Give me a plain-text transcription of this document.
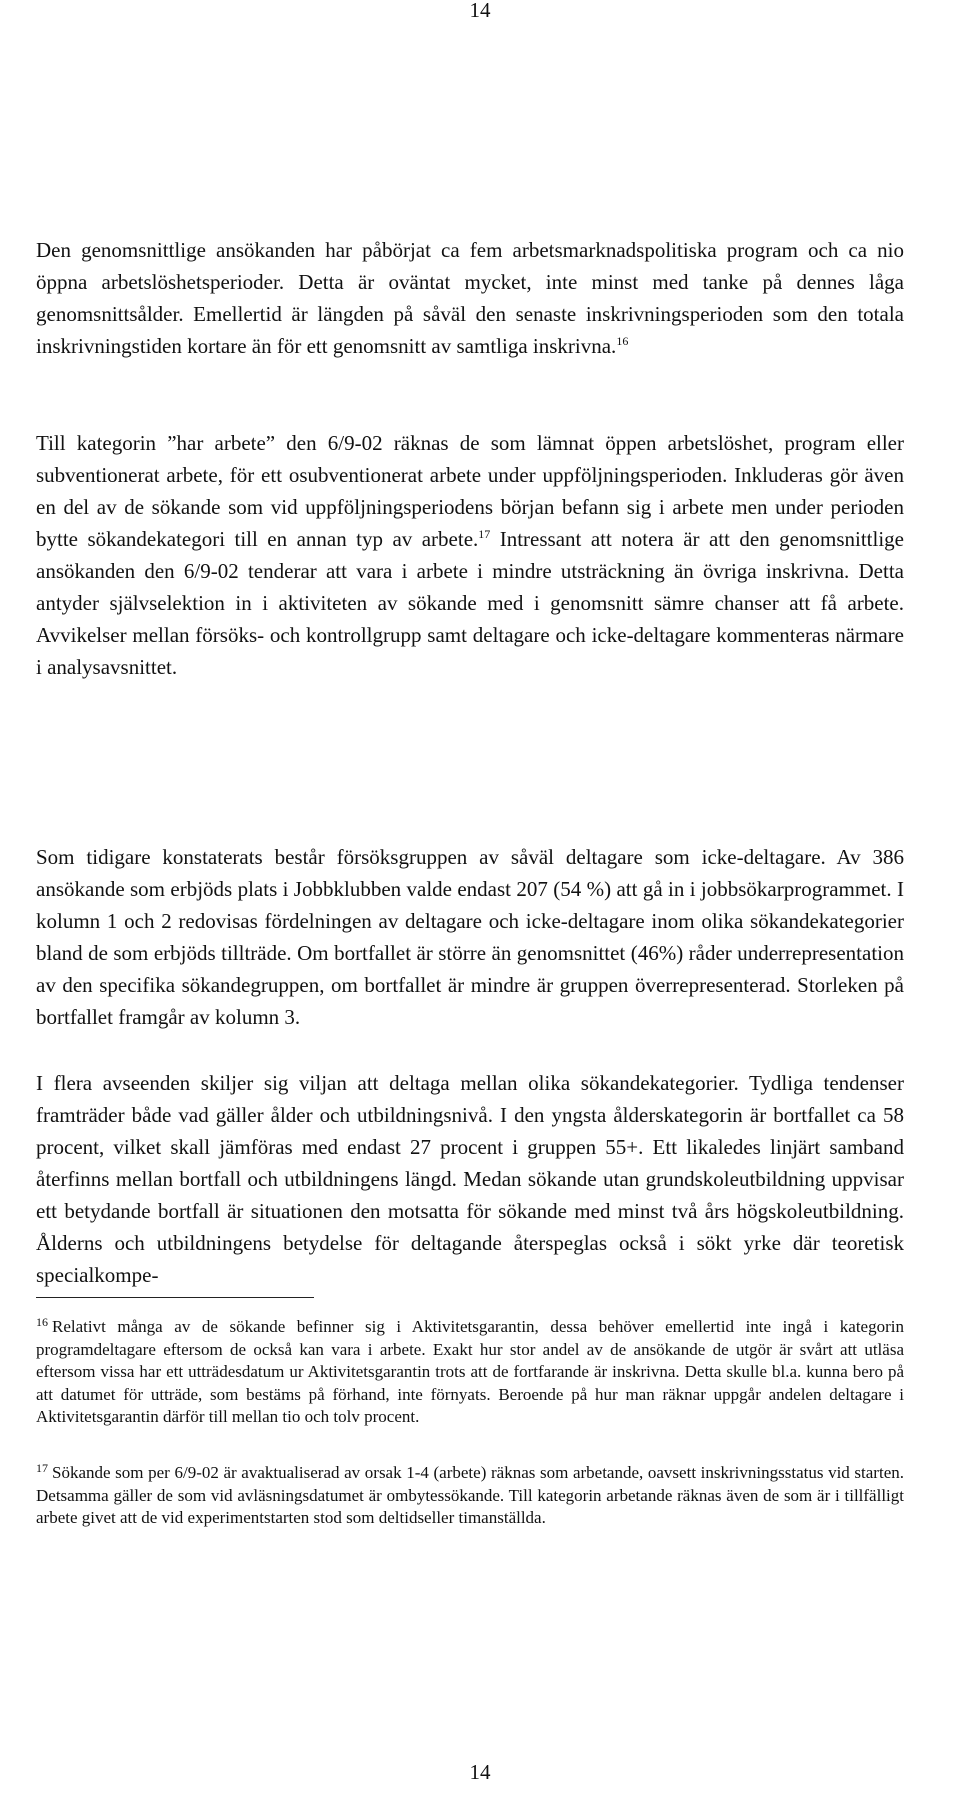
14

Den genomsnittlige ansökanden har påbörjat ca fem arbetsmarknadspolitiska program och ca nio öppna arbetslöshetsperioder. Detta är oväntat mycket, inte minst med tanke på dennes låga genomsnittsålder. Emellertid är längden på såväl den senaste inskrivningsperioden som den totala inskrivningstiden kortare än för ett genomsnitt av samtliga inskrivna.$^{16}$

Till kategorin ”har arbete” den 6/9-02 räknas de som lämnat öppen arbetslöshet, program eller subventionerat arbete, för ett osubventionerat arbete under uppföljningsperioden. Inkluderas gör även en del av de sökande som vid uppföljningsperiodens början befann sig i arbete men under perioden bytte sökandekategori till en annan typ av arbete.$^{17}$ Intressant att notera är att den genomsnittlige ansökanden den 6/9-02 tenderar att vara i arbete i mindre utsträckning än övriga inskrivna. Detta antyder självselektion in i aktiviteten av sökande med i genomsnitt sämre chanser att få arbete. Avvikelser mellan försöks- och kontrollgrupp samt deltagare och icke-deltagare kommenteras närmare i analysavsnittet.

Som tidigare konstaterats består försöksgruppen av såväl deltagare som icke-deltagare. Av 386 ansökande som erbjöds plats i Jobbklubben valde endast 207 (54 %) att gå in i jobbsökarprogrammet. I kolumn 1 och 2 redovisas fördelningen av deltagare och icke-deltagare inom olika sökandekategorier bland de som erbjöds tillträde. Om bortfallet är större än genomsnittet (46%) råder underrepresentation av den specifika sökandegruppen, om bortfallet är mindre är gruppen överrepresenterad. Storleken på bortfallet framgår av kolumn 3.

I flera avseenden skiljer sig viljan att deltaga mellan olika sökandekategorier. Tydliga tendenser framträder både vad gäller ålder och utbildningsnivå. I den yngsta ålderskategorin är bortfallet ca 58 procent, vilket skall jämföras med endast 27 procent i gruppen 55+. Ett likaledes linjärt samband återfinns mellan bortfall och utbildningens längd. Medan sökande utan grundskoleutbildning uppvisar ett betydande bortfall är situationen den motsatta för sökande med minst två års högskoleutbildning. Ålderns och utbildningens betydelse för deltagande återspeglas också i sökt yrke där teoretisk specialkompe-

$^{16}$ Relativt många av de sökande befinner sig i Aktivitetsgarantin, dessa behöver emellertid inte ingå i kategorin programdeltagare eftersom de också kan vara i arbete. Exakt hur stor andel av de ansökande de utgör är svårt att utläsa eftersom vissa har ett utträdesdatum ur Aktivitetsgarantin trots att de fortfarande är inskrivna. Detta skulle bl.a. kunna bero på att datumet för utträde, som bestäms på förhand, inte förnyats. Beroende på hur man räknar uppgår andelen deltagare i Aktivitetsgarantin därför till mellan tio och tolv procent.

$^{17}$ Sökande som per 6/9-02 är avaktualiserad av orsak 1-4 (arbete) räknas som arbetande, oavsett inskrivningsstatus vid starten. Detsamma gäller de som vid avläsningsdatumet är ombytessökande. Till kategorin arbetande räknas även de som är i tillfälligt arbete givet att de vid experimentstarten stod som deltidseller timanställda.

14
